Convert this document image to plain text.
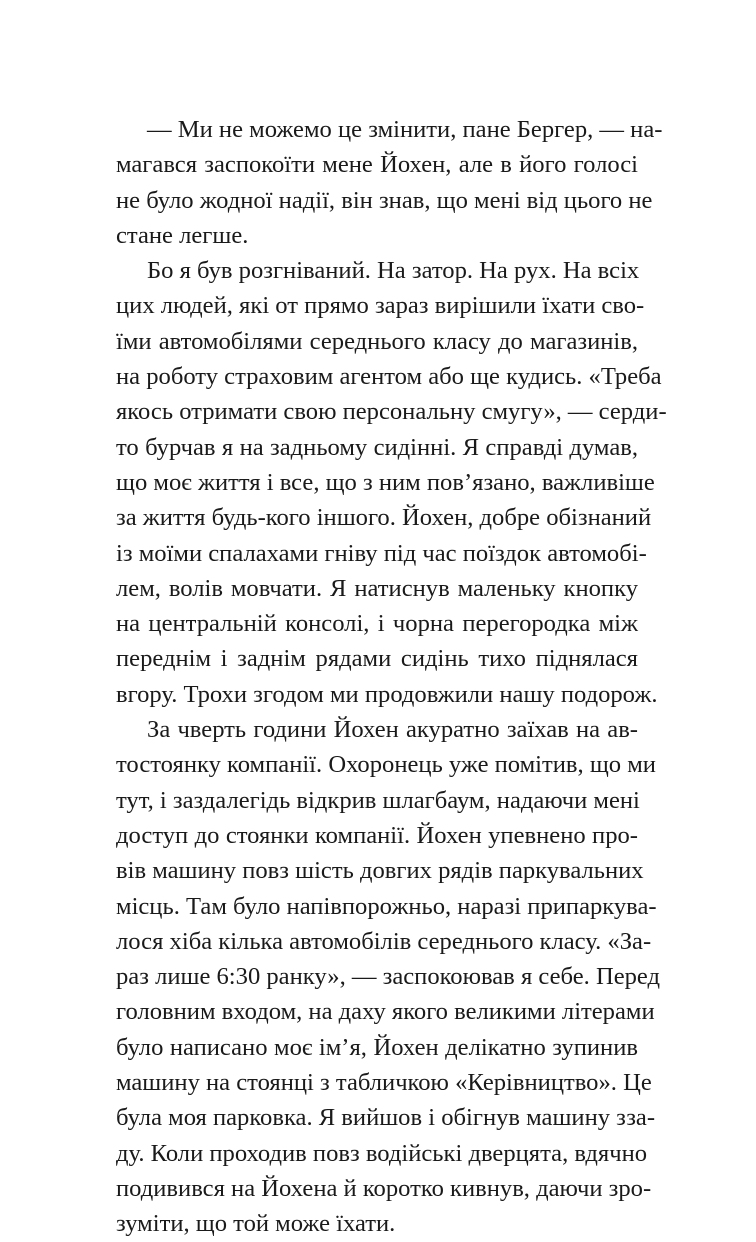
— Ми не можемо це змінити, пане Бергер, — на-
магався заспокоїти мене Йохен, але в його голосі
не було жодної надії, він знав, що мені від цього не
стане легше.
Бо я був розгніваний. На затор. На рух. На всіх
цих людей, які от прямо зараз вирішили їхати сво-
їми автомобілями середнього класу до магазинів,
на роботу страховим агентом або ще кудись. «Треба
якось отримати свою персональну смугу», — серди-
то бурчав я на задньому сидінні. Я справді думав,
що моє життя і все, що з ним пов’язано, важливіше
за життя будь-кого іншого. Йохен, добре обізнаний
із моїми спалахами гніву під час поїздок автомобі-
лем, волів мовчати. Я натиснув маленьку кнопку
на центральній консолі, і чорна перегородка між
переднім і заднім рядами сидінь тихо піднялася
вгору. Трохи згодом ми продовжили нашу подорож.
За чверть години Йохен акуратно заїхав на ав-
тостоянку компанії. Охоронець уже помітив, що ми
тут, і заздалегідь відкрив шлагбаум, надаючи мені
доступ до стоянки компанії. Йохен упевнено про-
вів машину повз шість довгих рядів паркувальних
місць. Там було напівпорожньо, наразі припаркува-
лося хіба кілька автомобілів середнього класу. «За-
раз лише 6:30 ранку», — заспокоював я себе. Перед
головним входом, на даху якого великими літерами
було написано моє ім’я, Йохен делікатно зупинив
машину на стоянці з табличкою «Керівництво». Це
була моя парковка. Я вийшов і обігнув машину зза-
ду. Коли проходив повз водійські дверцята, вдячно
подивився на Йохена й коротко кивнув, даючи зро-
зуміти, що той може їхати.
